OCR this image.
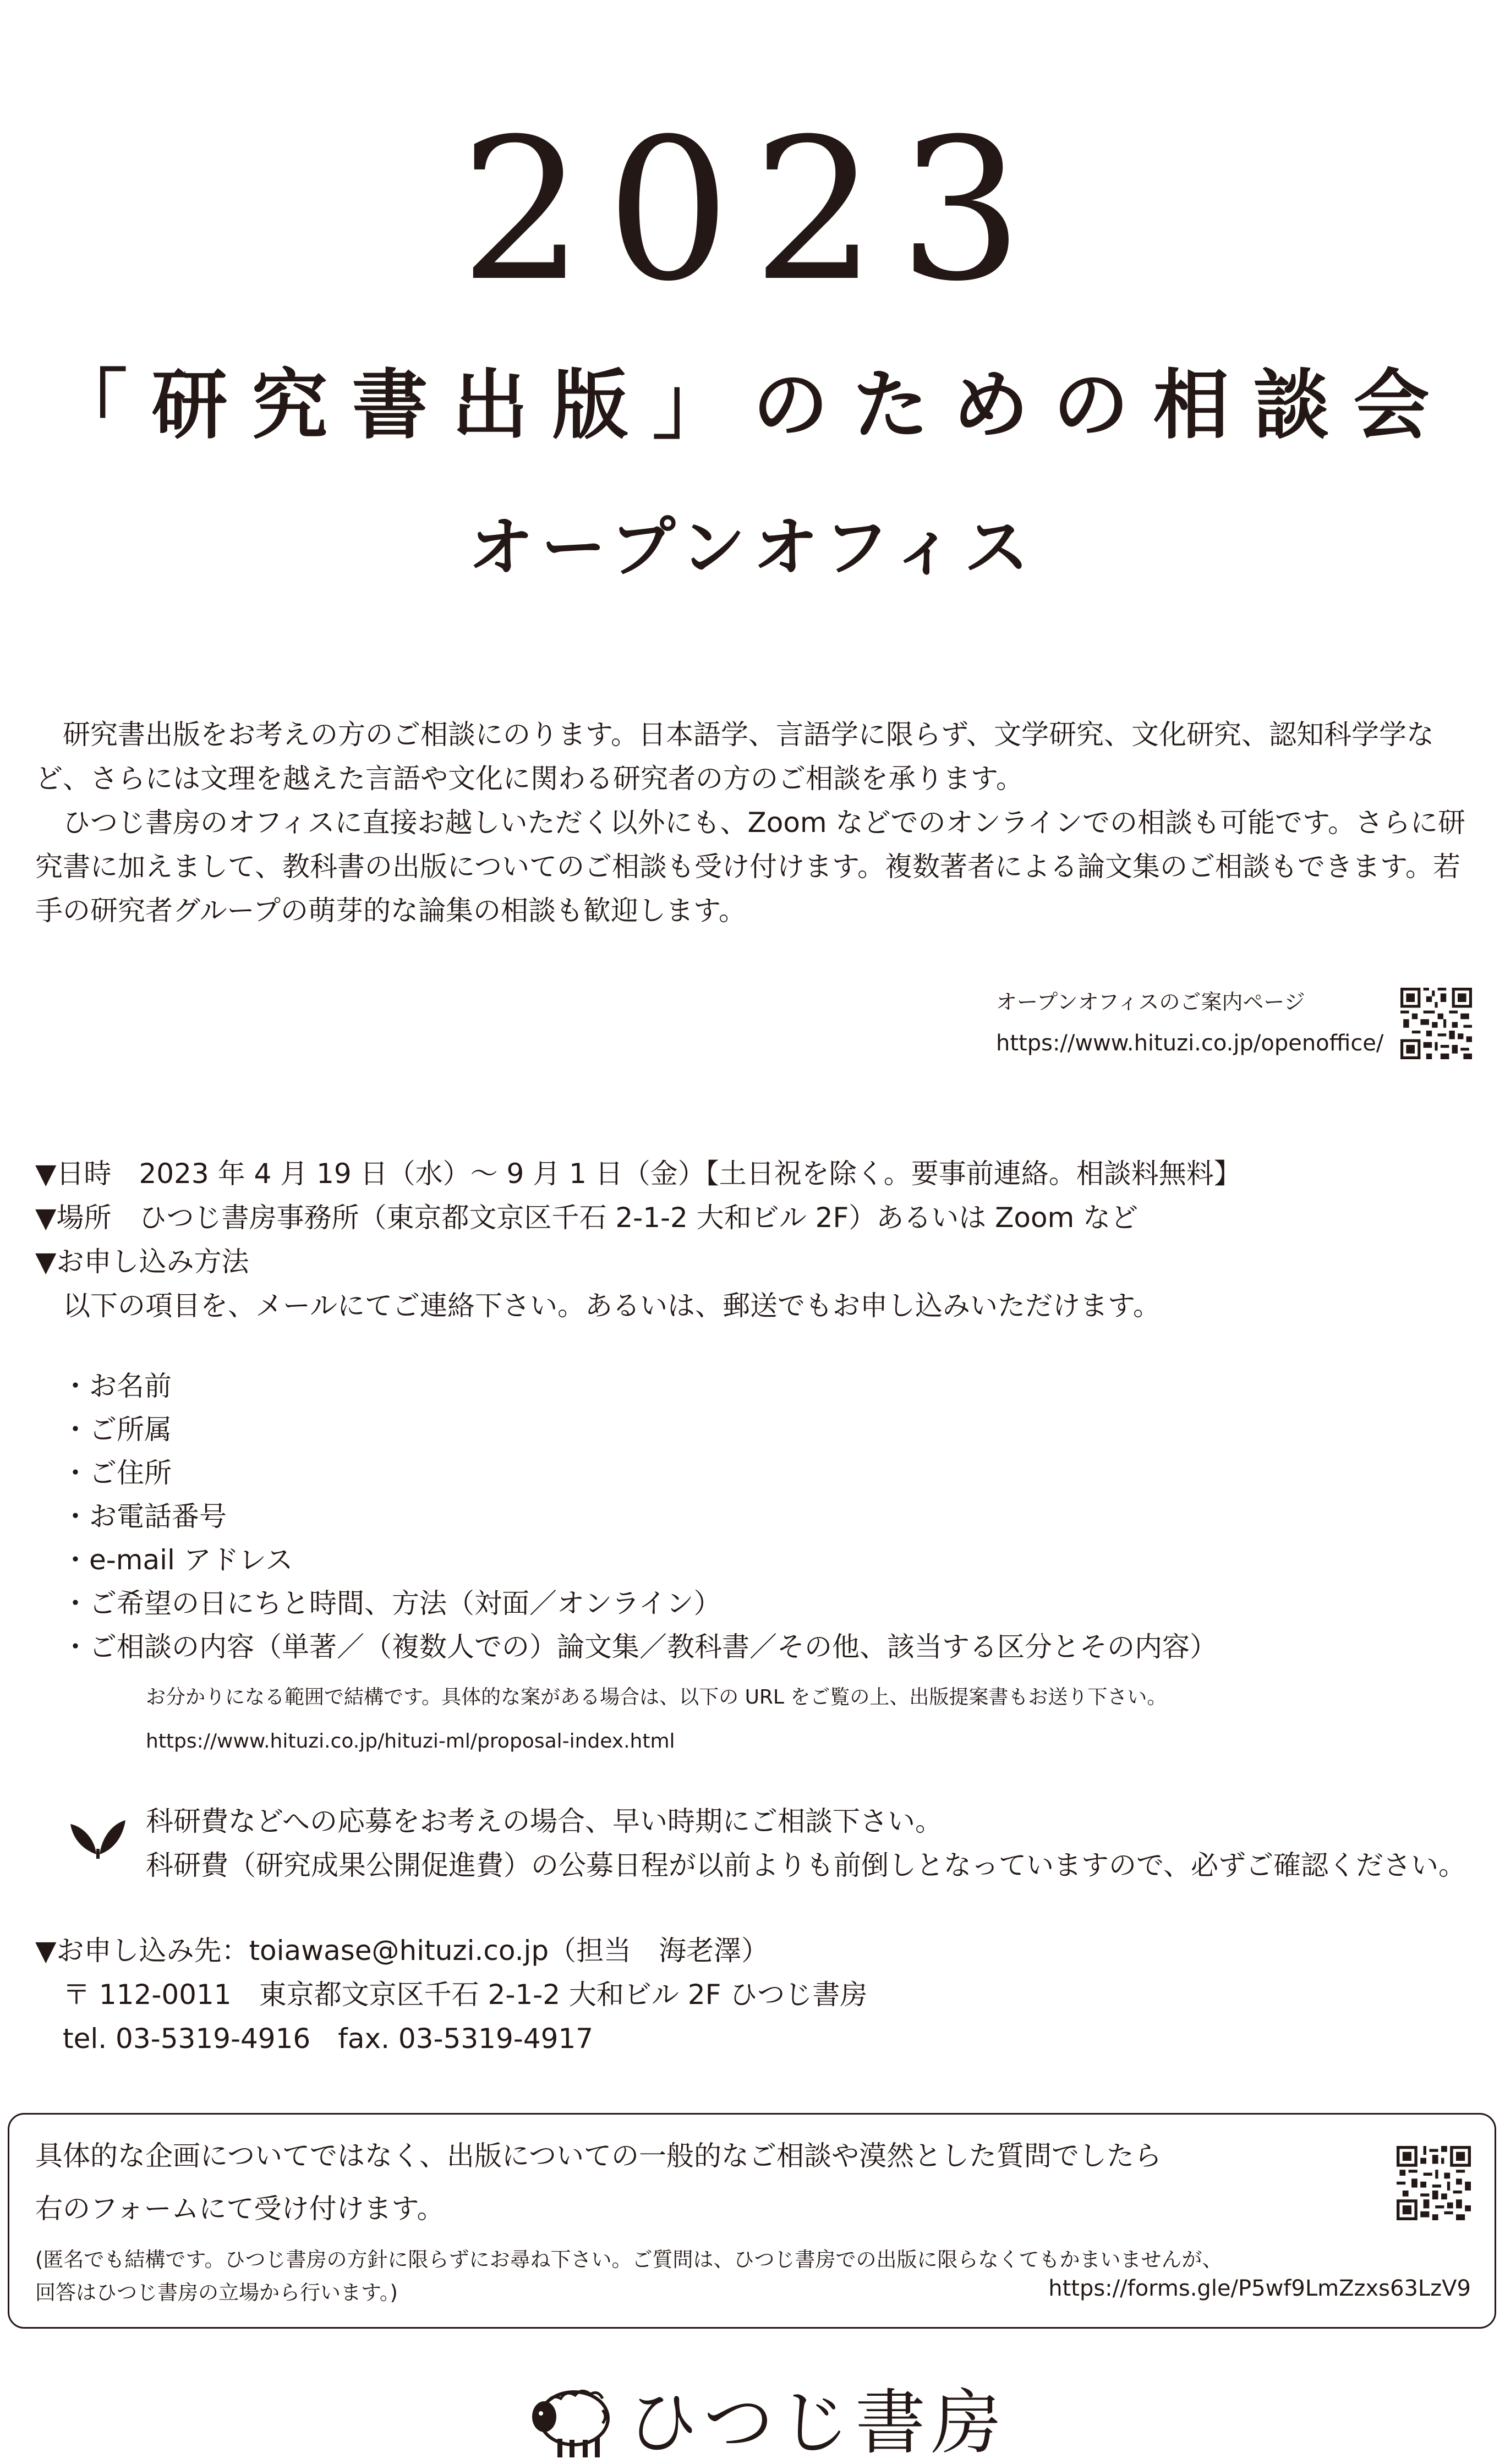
2023
「研究書出版」のための相談会
オープンオフィス

研究書出版をお考えの方のご相談にのります。日本語学、言語学に限らず、文学研究、文化研究、認知科学学など、さらには文理を越えた言語や文化に関わる研究者の方のご相談を承ります。

ひつじ書房のオフィスに直接お越しいただく以外にも、Zoom などでのオンラインでの相談も可能です。さらに研究書に加えまして、教科書の出版についてのご相談も受け付けます。複数著者による論文集のご相談もできます。若手の研究者グループの萌芽的な論集の相談も歓迎します。

オープンオフィスのご案内ページ
https://www.hituzi.co.jp/openoffice/
▼日時　2023 年 4 月 19 日（水）～ 9 月 1 日（金）【土日祝を除く。要事前連絡。相談料無料】
▼場所　ひつじ書房事務所（東京都文京区千石 2-1-2 大和ビル 2F）あるいは Zoom など
▼お申し込み方法
以下の項目を、メールにてご連絡下さい。あるいは、郵送でもお申し込みいただけます。
・お名前
・ご所属
・ご住所
・お電話番号
・e-mail アドレス
・ご希望の日にちと時間、方法（対面／オンライン）
・ご相談の内容（単著／（複数人での）論文集／教科書／その他、該当する区分とその内容）
お分かりになる範囲で結構です。具体的な案がある場合は、以下の URL をご覧の上、出版提案書もお送り下さい。
https://www.hituzi.co.jp/hituzi-ml/proposal-index.html
科研費などへの応募をお考えの場合、早い時期にご相談下さい。
科研費（研究成果公開促進費）の公募日程が以前よりも前倒しとなっていますので、必ずご確認ください。
▼お申し込み先：toiawase@hituzi.co.jp（担当　海老澤）
〒 112-0011　東京都文京区千石 2-1-2 大和ビル 2F ひつじ書房
tel. 03-5319-4916　fax. 03-5319-4917
具体的な企画についてではなく、出版についての一般的なご相談や漠然とした質問でしたら
右のフォームにて受け付けます。
(匿名でも結構です。ひつじ書房の方針に限らずにお尋ね下さい。ご質問は、ひつじ書房での出版に限らなくてもかまいませんが、
回答はひつじ書房の立場から行います。)	https://forms.gle/P5wf9LmZzxs63LzV9
ひつじ書房
